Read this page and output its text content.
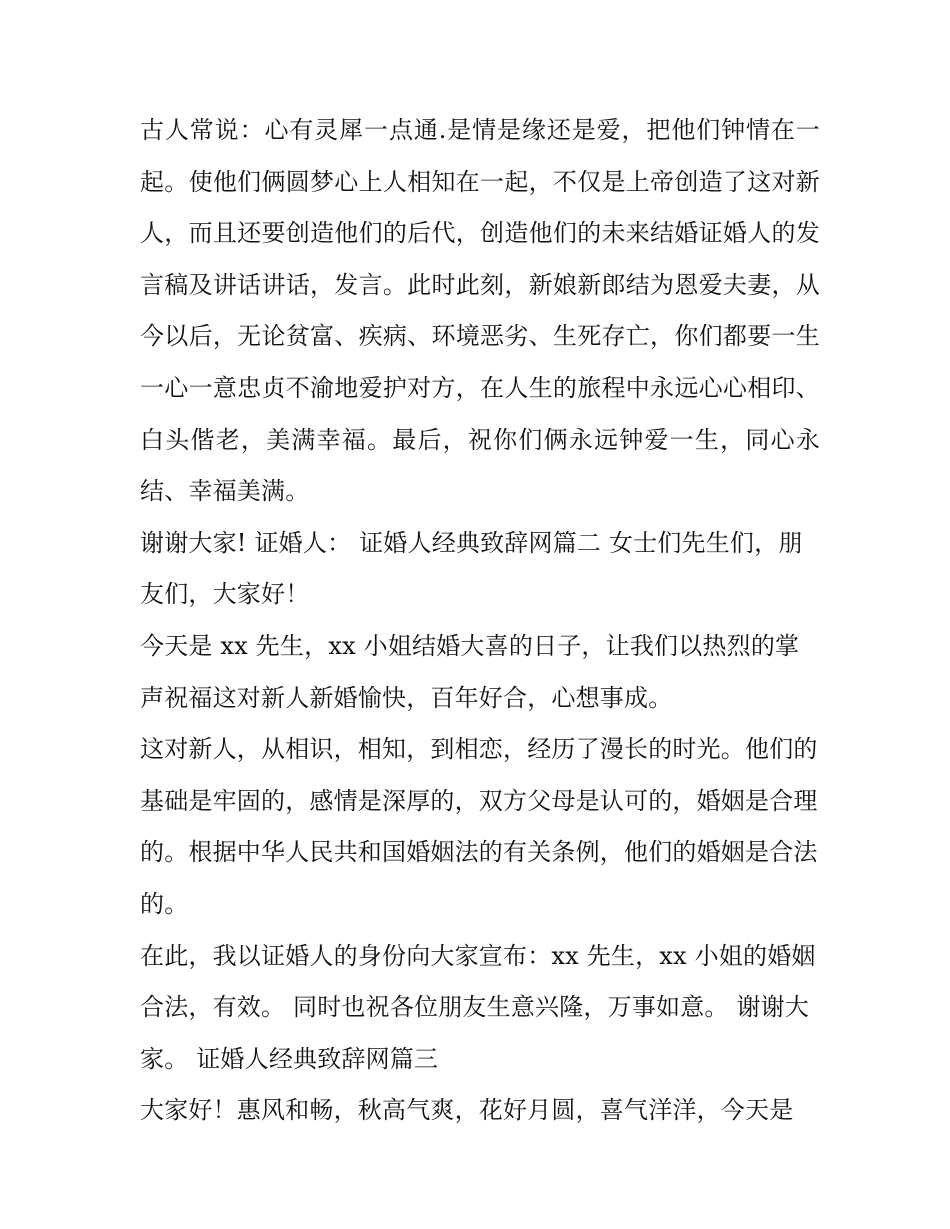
古人常说：心有灵犀一点通.是情是缘还是爱，把他们钟情在一起。使他们俩圆梦心上人相知在一起，不仅是上帝创造了这对新人，而且还要创造他们的后代，创造他们的未来结婚证婚人的发言稿及讲话讲话，发言。此时此刻，新娘新郎结为恩爱夫妻，从今以后，无论贫富、疾病、环境恶劣、生死存亡，你们都要一生一心一意忠贞不渝地爱护对方，在人生的旅程中永远心心相印、白头偕老，美满幸福。最后，祝你们俩永远钟爱一生，同心永结、幸福美满。

谢谢大家! 证婚人： 证婚人经典致辞网篇二 女士们先生们，朋友们，大家好！

今天是 xx 先生，xx 小姐结婚大喜的日子，让我们以热烈的掌声祝福这对新人新婚愉快，百年好合，心想事成。

这对新人，从相识，相知，到相恋，经历了漫长的时光。他们的基础是牢固的，感情是深厚的，双方父母是认可的，婚姻是合理的。根据中华人民共和国婚姻法的有关条例，他们的婚姻是合法的。

在此，我以证婚人的身份向大家宣布：xx 先生，xx 小姐的婚姻合法，有效。 同时也祝各位朋友生意兴隆，万事如意。 谢谢大家。 证婚人经典致辞网篇三

大家好！惠风和畅，秋高气爽，花好月圆，喜气洋洋，今天是
